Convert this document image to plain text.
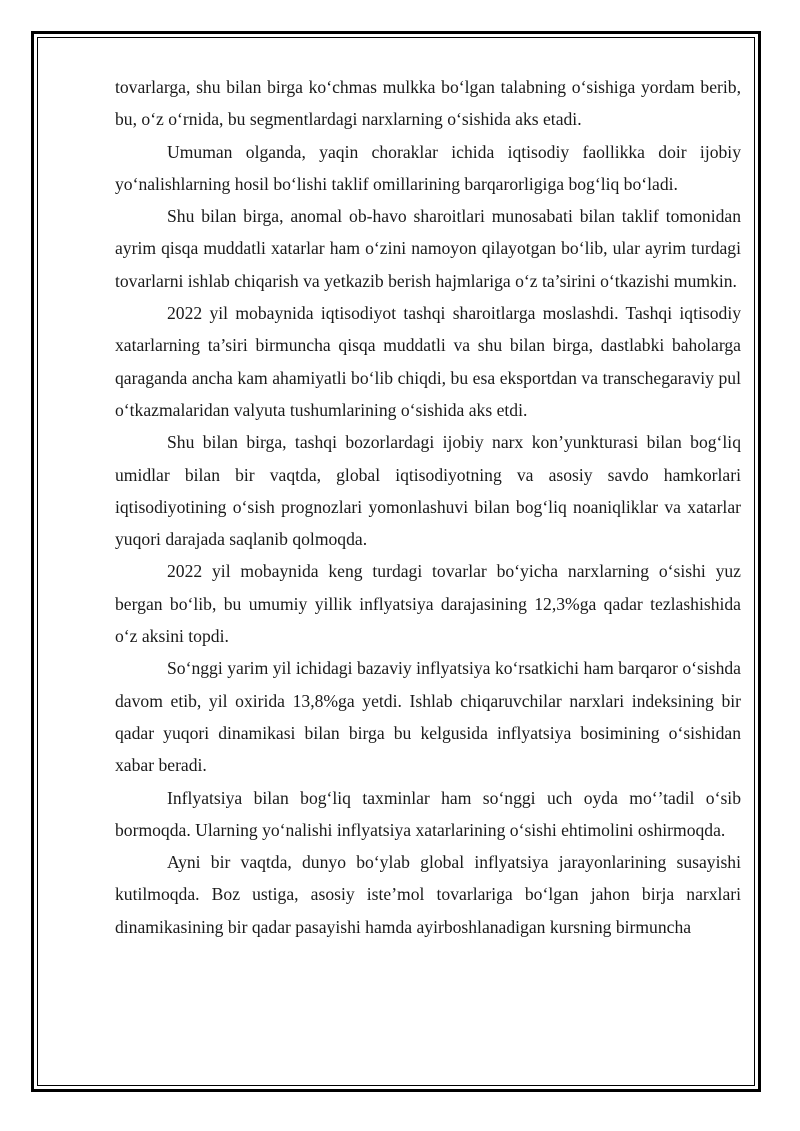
tovarlarga, shu bilan birga ko‘chmas mulkka bo‘lgan talabning o‘sishiga yordam berib, bu, o‘z o‘rnida, bu segmentlardagi narxlarning o‘sishida aks etadi.

Umuman olganda, yaqin choraklar ichida iqtisodiy faollikka doir ijobiy yo‘nalishlarning hosil bo‘lishi taklif omillarining barqarorligiga bog‘liq bo‘ladi.

Shu bilan birga, anomal ob-havo sharoitlari munosabati bilan taklif tomonidan ayrim qisqa muddatli xatarlar ham o‘zini namoyon qilayotgan bo‘lib, ular ayrim turdagi tovarlarni ishlab chiqarish va yetkazib berish hajmlariga o‘z ta’sirini o‘tkazishi mumkin.

2022 yil mobaynida iqtisodiyot tashqi sharoitlarga moslashdi. Tashqi iqtisodiy xatarlarning ta’siri birmuncha qisqa muddatli va shu bilan birga, dastlabki baholarga qaraganda ancha kam ahamiyatli bo‘lib chiqdi, bu esa eksportdan va transchegaraviy pul o‘tkazmalaridan valyuta tushumlarining o‘sishida aks etdi.

Shu bilan birga, tashqi bozorlardagi ijobiy narx kon’yunkturasi bilan bog‘liq umidlar bilan bir vaqtda, global iqtisodiyotning va asosiy savdo hamkorlari iqtisodiyotining o‘sish prognozlari yomonlashuvi bilan bog‘liq noaniqliklar va xatarlar yuqori darajada saqlanib qolmoqda.

2022 yil mobaynida keng turdagi tovarlar bo‘yicha narxlarning o‘sishi yuz bergan bo‘lib, bu umumiy yillik inflyatsiya darajasining 12,3%ga qadar tezlashishida o‘z aksini topdi.

So‘nggi yarim yil ichidagi bazaviy inflyatsiya ko‘rsatkichi ham barqaror o‘sishda davom etib, yil oxirida 13,8%ga yetdi. Ishlab chiqaruvchilar narxlari indeksining bir qadar yuqori dinamikasi bilan birga bu kelgusida inflyatsiya bosimining o‘sishidan xabar beradi.

Inflyatsiya bilan bog‘liq taxminlar ham so‘nggi uch oyda mo‘’tadil o‘sib bormoqda. Ularning yo‘nalishi inflyatsiya xatarlarining o‘sishi ehtimolini oshirmoqda.

Ayni bir vaqtda, dunyo bo‘ylab global inflyatsiya jarayonlarining susayishi kutilmoqda. Boz ustiga, asosiy iste’mol tovarlariga bo‘lgan jahon birja narxlari dinamikasining bir qadar pasayishi hamda ayirboshlanadigan kursning birmuncha
